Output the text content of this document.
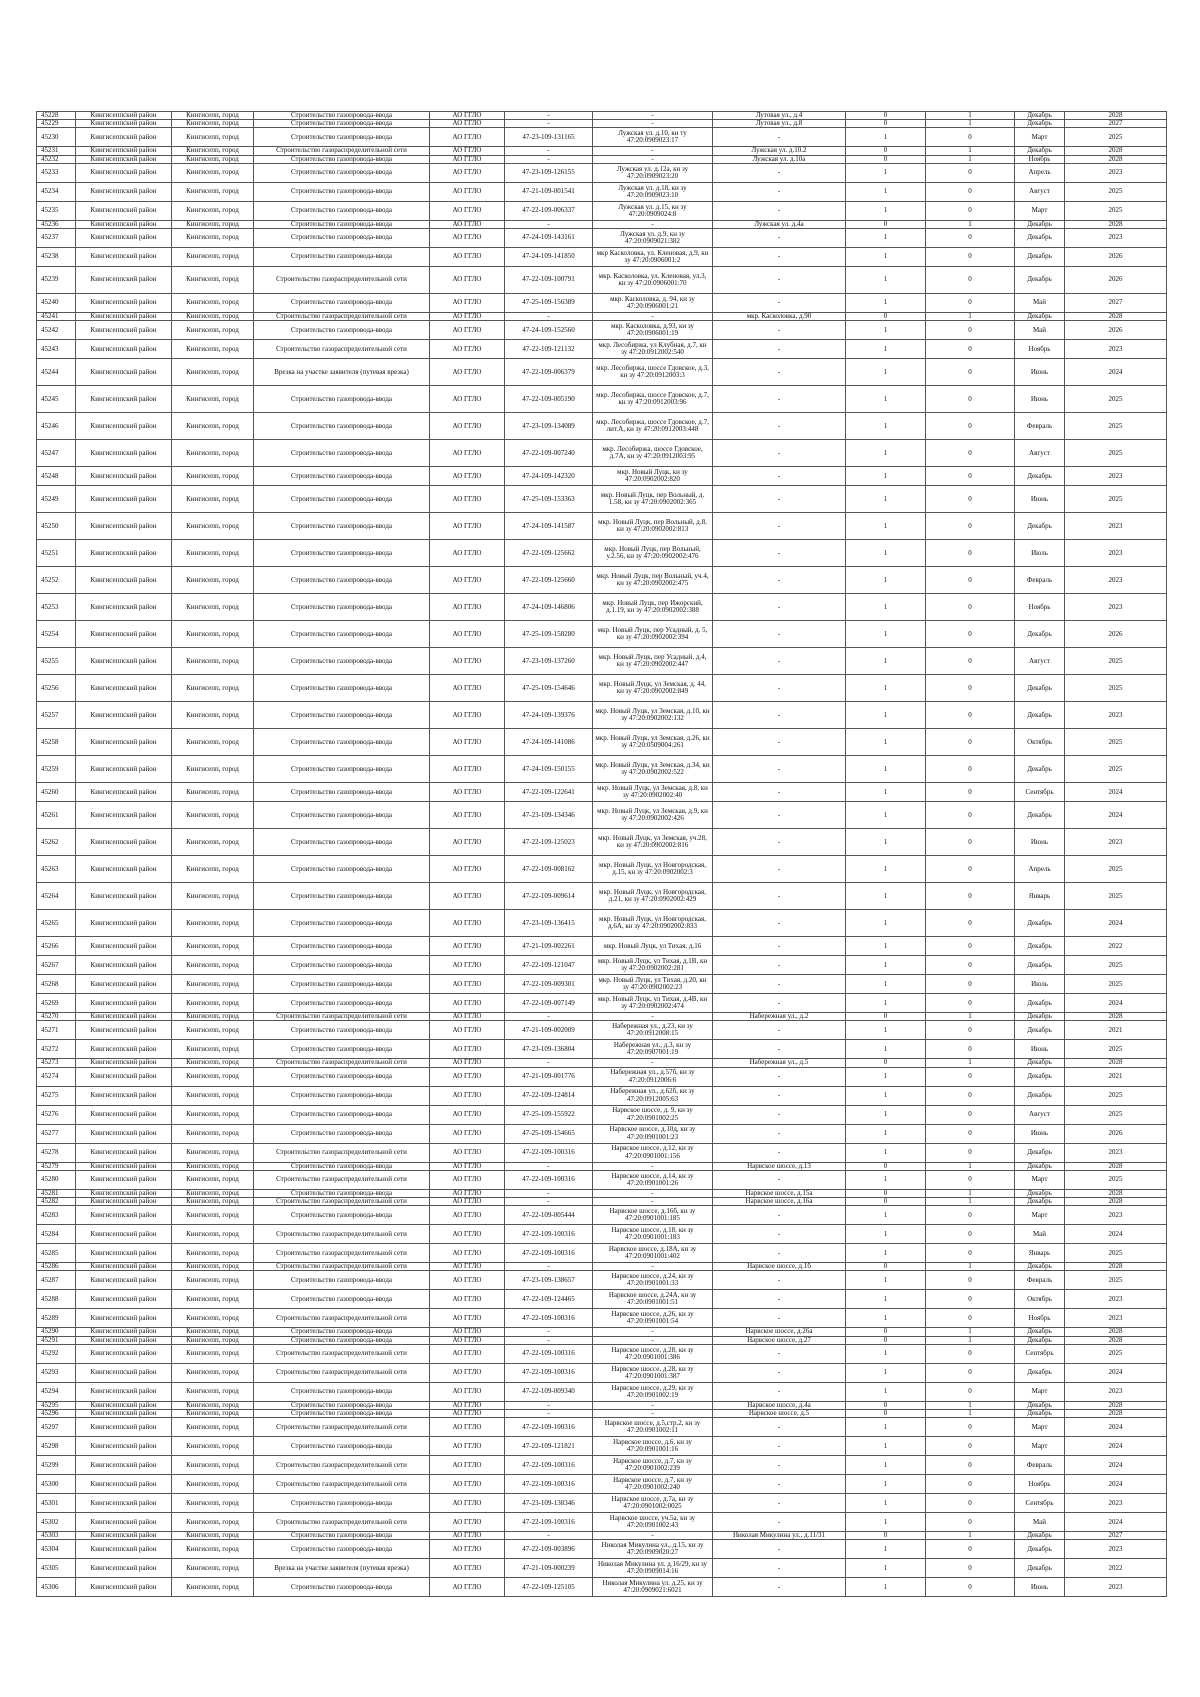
45228	Кингисеппский район	Кингисепп, город	Строительство газопровода-ввода	АО ГГЛО	-	-	Лутовая ул., д.4	0	1	Декабрь	2028
45229	Кингисеппский район	Кингисепп, город	Строительство газопровода-ввода	АО ГГЛО	-	-	Лутовая ул., д.8	0	1	Декабрь	2027
45230	Кингисеппский район	Кингисепп, город	Строительство газопровода-ввода	АО ГГЛО	47-23-109-131165	Лужская ул. д.10, кн ту 47:20:0909023:17	-	1	0	Март	2025
45231	Кингисеппский район	Кингисепп, город	Строительство газораспределительной сети	АО ГГЛО	-	-	Лужская ул. д.10.2	0	1	Декабрь	2028
45232	Кингисеппский район	Кингисепп, город	Строительство газопровода-ввода	АО ГГЛО	-	-	Лужская ул. д.10а	0	1	Ноябрь	2028
45233	Кингисеппский район	Кингисепп, город	Строительство газопровода-ввода	АО ГГЛО	47-23-109-126155	Лужская ул. д.12а, кн зу 47:20:0909023:20	-	1	0	Апрель	2023
45234	Кингисеппский район	Кингисепп, город	Строительство газопровода-ввода	АО ГГЛО	47-21-109-001541	Лужская ул. д.18, кн зу 47:20:0909023:10	-	1	0	Август	2025
45235	Кингисеппский район	Кингисепп, город	Строительство газопровода-ввода	АО ГГЛО	47-22-109-006337	Лужская ул. д.15, кн зу 47:20:0909024:8	-	1	0	Март	2025
45236	Кингисеппский район	Кингисепп, город	Строительство газопровода-ввода	АО ГГЛО	-	-	Лужская ул. д.4а	0	1	Декабрь	2028
45237	Кингисеппский район	Кингисепп, город	Строительство газопровода-ввода	АО ГГЛО	47-24-109-143161	Лужская ул. д.9, кн зу 47:20:0909021:382	-	1	0	Декабрь	2023
45238	Кингисеппский район	Кингисепп, город	Строительство газопровода-ввода	АО ГГЛО	47-24-109-141850	мкр Касколовка, ул. Кленовая, д.9, кн зу 47:20:0906001:2	-	1	0	Декабрь	2026
45239	Кингисеппский район	Кингисепп, город	Строительство газораспределительной сети	АО ГГЛО	47-22-109-100791	мкр. Касколовка, ул. Кленовая, ул.3, кн зу 47:20:0906001:70	-	1	0	Декабрь	2026
45240	Кингисеппский район	Кингисепп, город	Строительство газопровода-ввода	АО ГГЛО	47-25-109-156389	мкр. Касколовка, д. 94, кн зу 47:20:0906001:21	-	1	0	Май	2027
45241	Кингисеппский район	Кингисепп, город	Строительство газораспределительной сети	АО ГГЛО	-	-	мкр. Касколовка, д.90	0	1	Декабрь	2028
45242	Кингисеппский район	Кингисепп, город	Строительство газопровода-ввода	АО ГГЛО	47-24-109-152560	мкр. Касколовка, д.93, кн зу 47:20:0906001:19	-	1	0	Май	2026
45243	Кингисеппский район	Кингисепп, город	Строительство газораспределительной сети	АО ГГЛО	47-22-109-121132	мкр. Лесобиржа, ул Клубная, д.7, кн зу 47:20:0912002:540	-	1	0	Ноябрь	2023
45244	Кингисеппский район	Кингисепп, город	Врезка на участке заявителя (путевая врезка)	АО ГГЛО	47-22-109-006379	мкр. Лесобиржа, шоссе Гдовское, д.3, кн зу 47:20:0912003:3	-	1	0	Июнь	2024
45245	Кингисеппский район	Кингисепп, город	Строительство газопровода-ввода	АО ГГЛО	47-22-109-005190	мкр. Лесобиржа, шоссе Гдовское, д.7, кн зу 47:20:0912003:96	-	1	0	Июнь	2025
45246	Кингисеппский район	Кингисепп, город	Строительство газопровода-ввода	АО ГГЛО	47-23-109-134089	мкр. Лесобиржа, шоссе Гдовское, д.7, лит.А, кн зу 47:20:0912003:448	-	1	0	Февраль	2025
45247	Кингисеппский район	Кингисепп, город	Строительство газопровода-ввода	АО ГГЛО	47-22-109-007240	мкр. Лесобиржа, шоссе Гдовское, д.7А, кн зу 47:20:0912003:95	-	1	0	Август	2025
45248	Кингисеппский район	Кингисепп, город	Строительство газопровода-ввода	АО ГГЛО	47-24-109-142320	мкр. Новый Луцк, кн зу 47:20:0902002:820	-	1	0	Декабрь	2023
45249	Кингисеппский район	Кингисепп, город	Строительство газопровода-ввода	АО ГГЛО	47-25-109-153363	мкр. Новый Луцк, пер Вольный, д. 1.58, кн зу 47:20:0902002:365	-	1	0	Июнь	2025
45250	Кингисеппский район	Кингисепп, город	Строительство газопровода-ввода	АО ГГЛО	47-24-109-141587	мкр. Новый Луцк, пер Вольный, д.8, кн зу 47:20:0902002:813	-	1	0	Декабрь	2023
45251	Кингисеппский район	Кингисепп, город	Строительство газопровода-ввода	АО ГГЛО	47-22-109-125662	мкр. Новый Луцк, пер Вольный, у.2.56, кн зу 47:20:0902002:476	-	1	0	Июль	2023
45252	Кингисеппский район	Кингисепп, город	Строительство газопровода-ввода	АО ГГЛО	47-22-109-125660	мкр. Новый Луцк, пер Вольный, уч.4, кн зу 47:20:0902002:475	-	1	0	Февраль	2023
45253	Кингисеппский район	Кингисепп, город	Строительство газопровода-ввода	АО ГГЛО	47-24-109-146806	мкр. Новый Луцк, пер Ижорский, д.1.19, кн зу 47:20:0902002:388	-	1	0	Ноябрь	2023
45254	Кингисеппский район	Кингисепп, город	Строительство газопровода-ввода	АО ГГЛО	47-25-109-158280	мкр. Новый Луцк, пер Усадный, д. 5, кн зу 47:20:0902002:394	-	1	0	Декабрь	2026
45255	Кингисеппский район	Кингисепп, город	Строительство газопровода-ввода	АО ГГЛО	47-23-109-137260	мкр. Новый Луцк, пер Усадный, д.4, кн зу 47:20:0902002:447	-	1	0	Август	2025
45256	Кингисеппский район	Кингисепп, город	Строительство газопровода-ввода	АО ГГЛО	47-25-109-154646	мкр. Новый Луцк, ул Земская, д. 44, кн зу 47:20:0902002:849	-	1	0	Декабрь	2025
45257	Кингисеппский район	Кингисепп, город	Строительство газопровода-ввода	АО ГГЛО	47-24-109-139376	мкр. Новый Луцк, ул Земская, д.10, кн зу 47:20:0902002:132	-	1	0	Декабрь	2023
45258	Кингисеппский район	Кингисепп, город	Строительство газопровода-ввода	АО ГГЛО	47-24-109-141086	мкр. Новый Луцк, ул Земская, д.26, кн зу 47:20:0509004:261	-	1	0	Октябрь	2025
45259	Кингисеппский район	Кингисепп, город	Строительство газопровода-ввода	АО ГГЛО	47-24-109-150155	мкр. Новый Луцк, ул Земская, д.34, кн зу 47:20:0902002:522	-	1	0	Декабрь	2025
45260	Кингисеппский район	Кингисепп, город	Строительство газопровода-ввода	АО ГГЛО	47-22-109-122641	мкр. Новый Луцк, ул Земская, д.8, кн зу 47:20:0902002:40	-	1	0	Сентябрь	2024
45261	Кингисеппский район	Кингисепп, город	Строительство газопровода-ввода	АО ГГЛО	47-23-109-134346	мкр. Новый Луцк, ул Земская, д.9, кн зу 47:20:0902002:426	-	1	0	Декабрь	2024
45262	Кингисеппский район	Кингисепп, город	Строительство газопровода-ввода	АО ГГЛО	47-22-109-125023	мкр. Новый Луцк, ул Земская, уч.28, кн зу 47:20:0902002:816	-	1	0	Июнь	2023
45263	Кингисеппский район	Кингисепп, город	Строительство газопровода-ввода	АО ГГЛО	47-22-109-008162	мкр. Новый Луцк, ул Новгородская, д.15, кн зу 47:20:0902002:3	-	1	0	Апрель	2025
45264	Кингисеппский район	Кингисепп, город	Строительство газопровода-ввода	АО ГГЛО	47-22-109-009614	мкр. Новый Луцк, ул Новгородская, д.21, кн зу 47:20:0902002:429	-	1	0	Январь	2025
45265	Кингисеппский район	Кингисепп, город	Строительство газопровода-ввода	АО ГГЛО	47-23-109-136415	мкр. Новый Луцк, ул Новгородская, д.6А, кн зу 47:20:0902002:833	-	1	0	Декабрь	2024
45266	Кингисеппский район	Кингисепп, город	Строительство газопровода-ввода	АО ГГЛО	47-21-109-002261	мкр. Новый Луцк, ул Тихая, д.16	-	1	0	Декабрь	2022
45267	Кингисеппский район	Кингисепп, город	Строительство газопровода-ввода	АО ГГЛО	47-22-109-121047	мкр. Новый Луцк, ул Тихая, д.1В, кн зу 47:20:0902002:281	-	1	0	Декабрь	2025
45268	Кингисеппский район	Кингисепп, город	Строительство газопровода-ввода	АО ГГЛО	47-22-109-009301	мкр. Новый Луцк, ул Тихая, д.20, кн зу 47:20:0902002:23	-	1	0	Июль	2025
45269	Кингисеппский район	Кингисепп, город	Строительство газопровода-ввода	АО ГГЛО	47-22-109-007149	мкр. Новый Луцк, ул Тихая, д.4В, кн зу 47:20:0902002:474	-	1	0	Декабрь	2024
45270	Кингисеппский район	Кингисепп, город	Строительство газораспределительной сети	АО ГГЛО	-	-	Набережная ул., д.2	0	1	Декабрь	2028
45271	Кингисеппский район	Кингисепп, город	Строительство газопровода-ввода	АО ГГЛО	47-21-109-002009	Набережная ул., д.23, кн зу 47:20:0912008:15	-	1	0	Декабрь	2021
45272	Кингисеппский район	Кингисепп, город	Строительство газопровода-ввода	АО ГГЛО	47-23-109-136804	Набережная ул., д.3, кн зу 47:20:0907001:19	-	1	0	Июнь	2025
45273	Кингисеппский район	Кингисепп, город	Строительство газораспределительной сети	АО ГГЛО	-	-	Набережная ул., д.5	0	1	Декабрь	2028
45274	Кингисеппский район	Кингисепп, город	Строительство газопровода-ввода	АО ГГЛО	47-21-109-001776	Набережная ул., д.57б, кн зу 47:20:0912006:6	-	1	0	Декабрь	2021
45275	Кингисеппский район	Кингисепп, город	Строительство газопровода-ввода	АО ГГЛО	47-22-109-124814	Набережная ул., д.62б, кн зу 47:20:0912005:63	-	1	0	Декабрь	2025
45276	Кингисеппский район	Кингисепп, город	Строительство газопровода-ввода	АО ГГЛО	47-25-109-155922	Нарвское шоссе, д. 9, кн зу 47:20:0901002:25	-	1	0	Август	2025
45277	Кингисеппский район	Кингисепп, город	Строительство газопровода-ввода	АО ГГЛО	47-25-109-154665	Нарвское шоссе, д.10д, кн зу 47:20:0901001:23	-	1	0	Июнь	2026
45278	Кингисеппский район	Кингисепп, город	Строительство газораспределительной сети	АО ГГЛО	47-22-109-100316	Нарвское шоссе, д.12, кн зу 47:20:0901001:156	-	1	0	Декабрь	2023
45279	Кингисеппский район	Кингисепп, город	Строительство газопровода-ввода	АО ГГЛО	-	-	Нарвское шоссе, д.13	0	1	Декабрь	2028
45280	Кингисеппский район	Кингисепп, город	Строительство газораспределительной сети	АО ГГЛО	47-22-109-100316	Нарвское шоссе, д.14, кн зу 47:20:0901001:26	-	1	0	Март	2025
45281	Кингисеппский район	Кингисепп, город	Строительство газопровода-ввода	АО ГГЛО	-	-	Нарвское шоссе, д.15а	0	1	Декабрь	2028
45282	Кингисеппский район	Кингисепп, город	Строительство газораспределительной сети	АО ГГЛО	-	-	Нарвское шоссе, д.16а	0	1	Декабрь	2028
45283	Кингисеппский район	Кингисепп, город	Строительство газопровода-ввода	АО ГГЛО	47-22-109-005444	Нарвское шоссе, д.16б, кн зу 47:20:0901001:185	-	1	0	Март	2023
45284	Кингисеппский район	Кингисепп, город	Строительство газораспределительной сети	АО ГГЛО	47-22-109-100316	Нарвское шоссе, д.18, кн зу 47:20:0901001:183	-	1	0	Май	2024
45285	Кингисеппский район	Кингисепп, город	Строительство газораспределительной сети	АО ГГЛО	47-22-109-100316	Нарвское шоссе, д.18А, кн зу 47:20:0901001:402	-	1	0	Январь	2025
45286	Кингисеппский район	Кингисепп, город	Строительство газораспределительной сети	АО ГГЛО	-	-	Нарвское шоссе, д.1б	0	1	Декабрь	2028
45287	Кингисеппский район	Кингисепп, город	Строительство газопровода-ввода	АО ГГЛО	47-23-109-138657	Нарвское шоссе, д.24, кн зу 47:20:0901001:33	-	1	0	Февраль	2025
45288	Кингисеппский район	Кингисепп, город	Строительство газопровода-ввода	АО ГГЛО	47-22-109-124465	Нарвское шоссе, д.24А, кн зу 47:20:0901001:51	-	1	0	Октябрь	2023
45289	Кингисеппский район	Кингисепп, город	Строительство газораспределительной сети	АО ГГЛО	47-22-109-100316	Нарвское шоссе, д.26, кн зу 47:20:0901001:54	-	1	0	Ноябрь	2023
45290	Кингисеппский район	Кингисепп, город	Строительство газопровода-ввода	АО ГГЛО	-	-	Нарвское шоссе, д.26а	0	1	Декабрь	2028
45291	Кингисеппский район	Кингисепп, город	Строительство газопровода-ввода	АО ГГЛО	-	-	Нарвское шоссе, д.27	0	1	Декабрь	2028
45292	Кингисеппский район	Кингисепп, город	Строительство газораспределительной сети	АО ГГЛО	47-22-109-100316	Нарвское шоссе, д.28, кн зу 47:20:0901001:386	-	1	0	Сентябрь	2025
45293	Кингисеппский район	Кингисепп, город	Строительство газораспределительной сети	АО ГГЛО	47-22-109-100316	Нарвское шоссе, д.28, кн зу 47:20:0901001:387	-	1	0	Декабрь	2024
45294	Кингисеппский район	Кингисепп, город	Строительство газопровода-ввода	АО ГГЛО	47-22-109-009340	Нарвское шоссе, д.29, кн зу 47:20:0901002:19	-	1	0	Март	2023
45295	Кингисеппский район	Кингисепп, город	Строительство газопровода-ввода	АО ГГЛО	-	-	Нарвское шоссе, д.4а	0	1	Декабрь	2028
45296	Кингисеппский район	Кингисепп, город	Строительство газопровода-ввода	АО ГГЛО	-	-	Нарвское шоссе, д.5	0	1	Декабрь	2028
45297	Кингисеппский район	Кингисепп, город	Строительство газораспределительной сети	АО ГГЛО	47-22-109-100316	Нарвское шоссе, д.5,стр.2, кн зу 47:20:0901002:11	-	1	0	Март	2024
45298	Кингисеппский район	Кингисепп, город	Строительство газопровода-ввода	АО ГГЛО	47-22-109-121821	Нарвское шоссе, д.6, кн зу 47:20:0901001:16	-	1	0	Март	2024
45299	Кингисеппский район	Кингисепп, город	Строительство газораспределительной сети	АО ГГЛО	47-22-109-100316	Нарвское шоссе, д.7, кн зу 47:20:0901002:239	-	1	0	Февраль	2024
45300	Кингисеппский район	Кингисепп, город	Строительство газораспределительной сети	АО ГГЛО	47-22-109-100316	Нарвское шоссе, д.7, кн зу 47:20:0901002:240	-	1	0	Ноябрь	2024
45301	Кингисеппский район	Кингисепп, город	Строительство газопровода-ввода	АО ГГЛО	47-23-109-138346	Нарвское шоссе, д.7а, кн зу 47:20:0901002:0025	-	1	0	Сентябрь	2023
45302	Кингисеппский район	Кингисепп, город	Строительство газораспределительной сети	АО ГГЛО	47-22-109-100316	Нарвское шоссе, уч.5а, кн зу 47:20:0901002:43	-	1	0	Май	2024
45303	Кингисеппский район	Кингисепп, город	Строительство газопровода-ввода	АО ГГЛО	-	-	Николая Микулина ул., д.11/31	0	1	Декабрь	2027
45304	Кингисеппский район	Кингисепп, город	Строительство газопровода-ввода	АО ГГЛО	47-22-109-003896	Николая Микулина ул., д.15, кн зу 47:20:0909020:27	-	1	0	Декабрь	2023
45305	Кингисеппский район	Кингисепп, город	Врезка на участке заявителя (путевая врезка)	АО ГГЛО	47-21-109-000239	Николая Микулина ул. д.16/29, кн зу 47:20:0909014:16	-	1	0	Декабрь	2022
45306	Кингисеппский район	Кингисепп, город	Строительство газопровода-ввода	АО ГГЛО	47-22-109-125105	Николая Микулина ул. д.25, кн зу 47:20:0909021:6021	-	1	0	Июнь	2023
